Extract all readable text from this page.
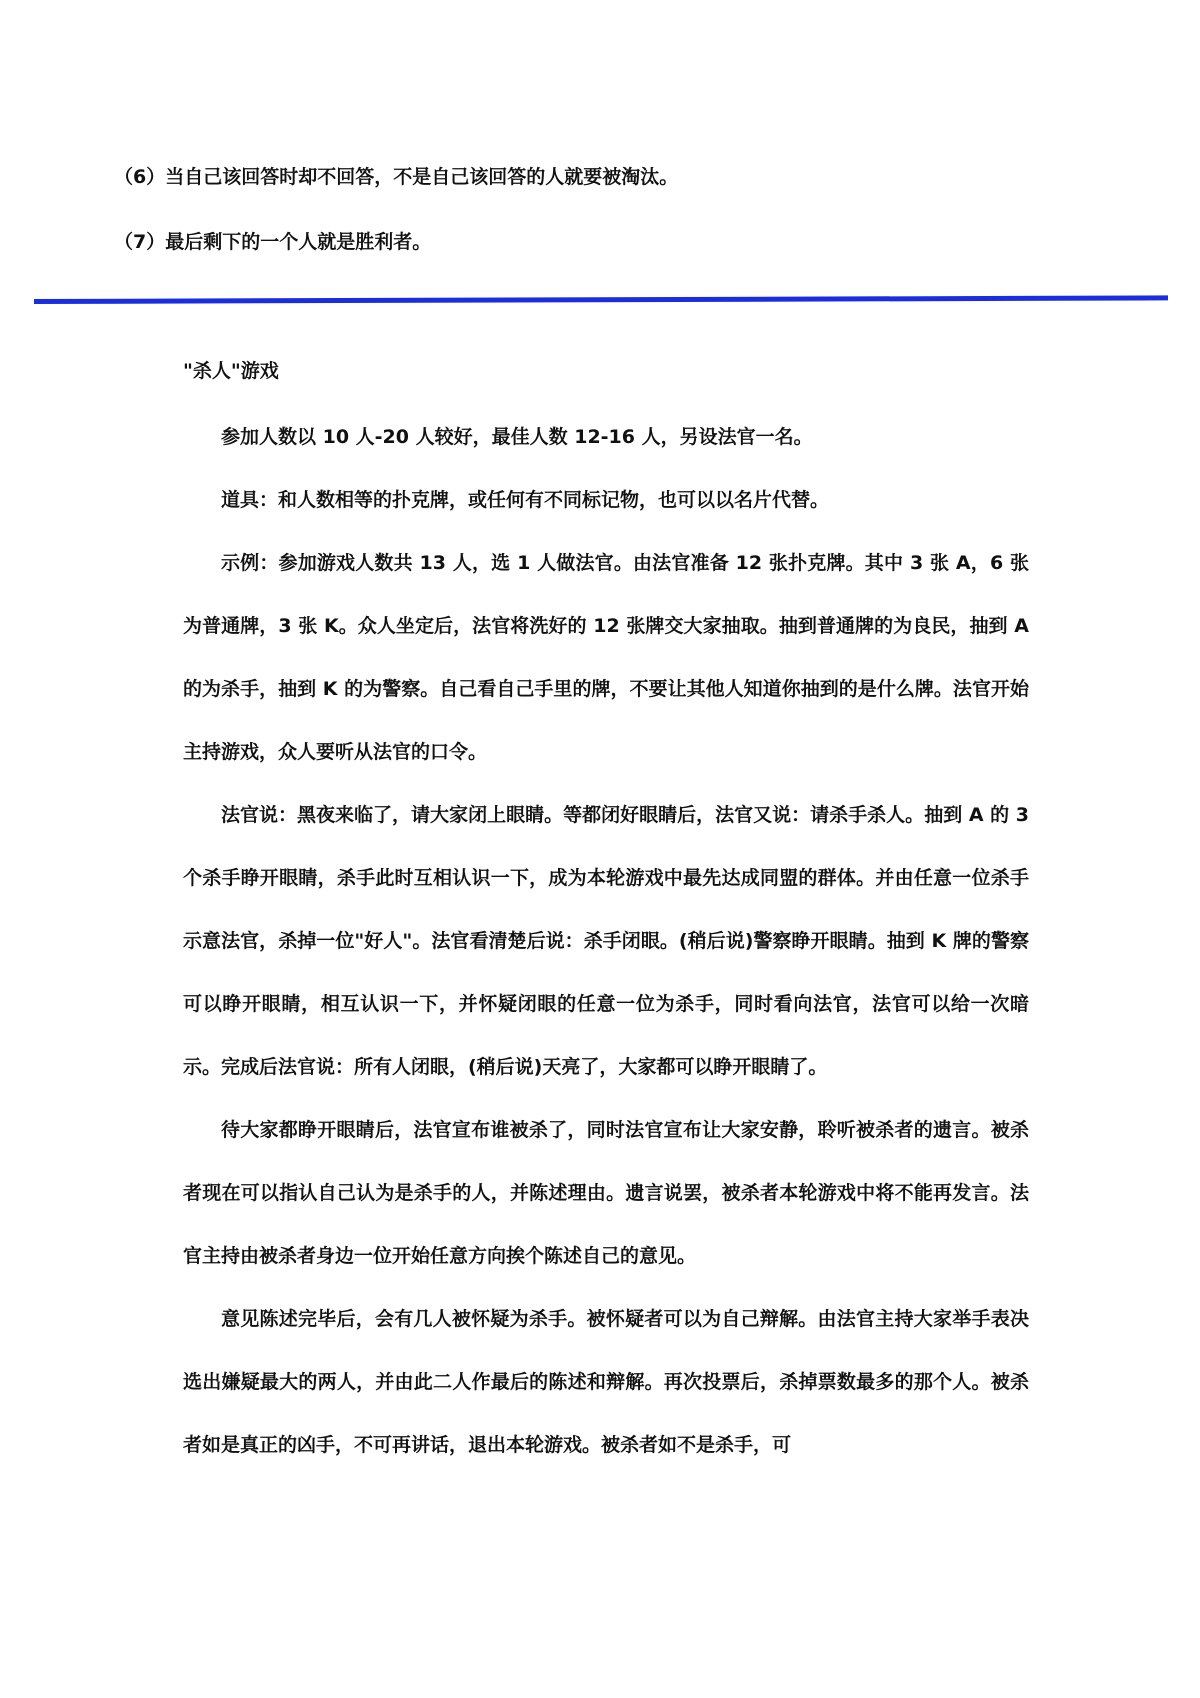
（6）当自己该回答时却不回答，不是自己该回答的人就要被淘汰。

（7）最后剩下的一个人就是胜利者。

"杀人"游戏

参加人数以 10 人-20 人较好，最佳人数 12-16 人，另设法官一名。

道具：和人数相等的扑克牌，或任何有不同标记物，也可以以名片代替。

示例：参加游戏人数共 13 人，选 1 人做法官。由法官准备 12 张扑克牌。其中 3 张 A，6 张为普通牌，3 张 K。众人坐定后，法官将洗好的 12 张牌交大家抽取。抽到普通牌的为良民，抽到 A 的为杀手，抽到 K 的为警察。自己看自己手里的牌，不要让其他人知道你抽到的是什么牌。法官开始主持游戏，众人要听从法官的口令。

法官说：黑夜来临了，请大家闭上眼睛。等都闭好眼睛后，法官又说：请杀手杀人。抽到 A 的 3 个杀手睁开眼睛，杀手此时互相认识一下，成为本轮游戏中最先达成同盟的群体。并由任意一位杀手示意法官，杀掉一位"好人"。法官看清楚后说：杀手闭眼。(稍后说)警察睁开眼睛。抽到 K 牌的警察可以睁开眼睛，相互认识一下，并怀疑闭眼的任意一位为杀手，同时看向法官，法官可以给一次暗示。完成后法官说：所有人闭眼，(稍后说)天亮了，大家都可以睁开眼睛了。

待大家都睁开眼睛后，法官宣布谁被杀了，同时法官宣布让大家安静，聆听被杀者的遗言。被杀者现在可以指认自己认为是杀手的人，并陈述理由。遗言说罢，被杀者本轮游戏中将不能再发言。法官主持由被杀者身边一位开始任意方向挨个陈述自己的意见。

意见陈述完毕后，会有几人被怀疑为杀手。被怀疑者可以为自己辩解。由法官主持大家举手表决选出嫌疑最大的两人，并由此二人作最后的陈述和辩解。再次投票后，杀掉票数最多的那个人。被杀者如是真正的凶手，不可再讲话，退出本轮游戏。被杀者如不是杀手，可
